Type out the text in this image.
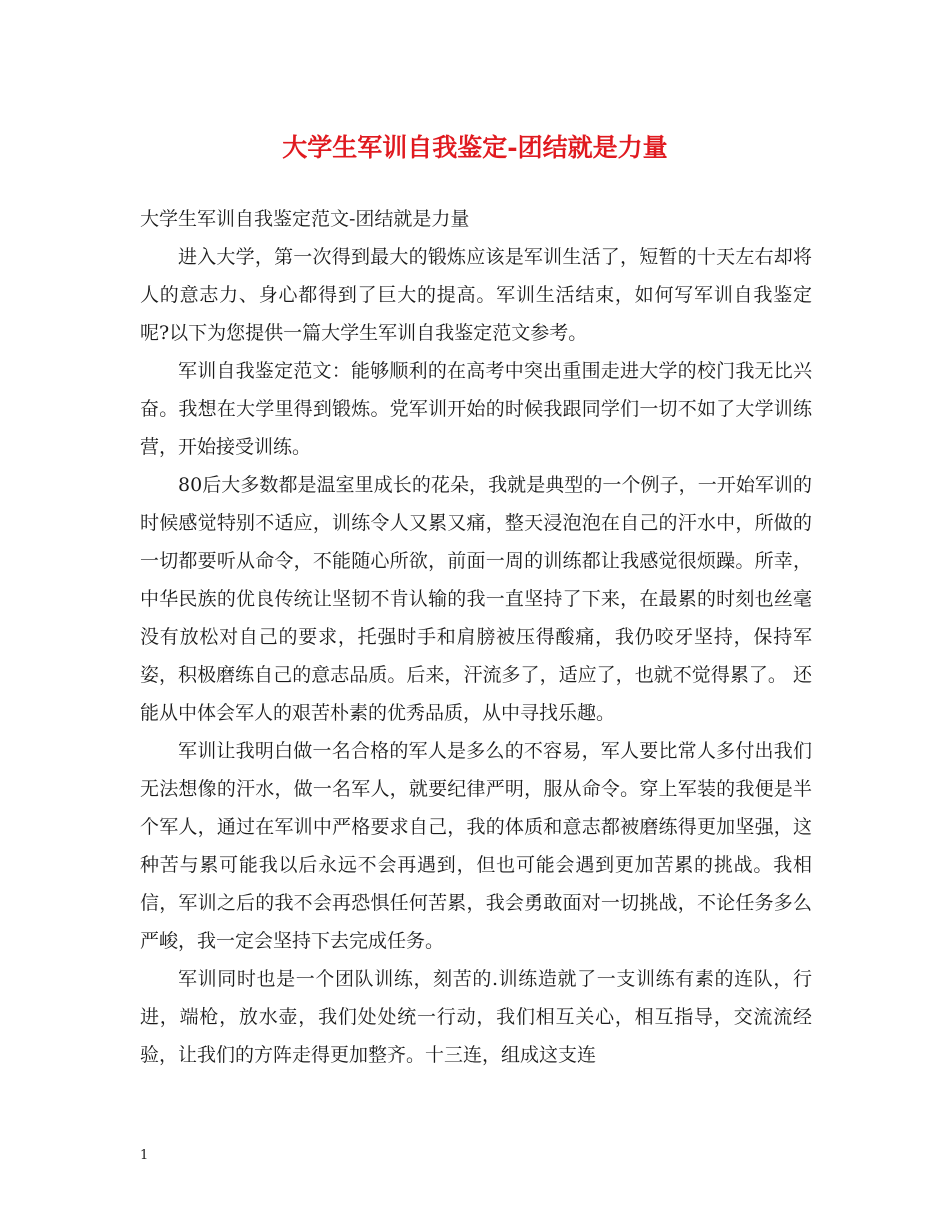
大学生军训自我鉴定-团结就是力量

大学生军训自我鉴定范文-团结就是力量

进入大学，第一次得到最大的锻炼应该是军训生活了，短暂的十天左右却将人的意志力、身心都得到了巨大的提高。军训生活结束，如何写军训自我鉴定呢?以下为您提供一篇大学生军训自我鉴定范文参考。

军训自我鉴定范文：能够顺利的在高考中突出重围走进大学的校门我无比兴奋。我想在大学里得到锻炼。党军训开始的时候我跟同学们一切不如了大学训练营，开始接受训练。

80后大多数都是温室里成长的花朵，我就是典型的一个例子，一开始军训的时候感觉特别不适应，训练令人又累又痛，整天浸泡泡在自己的汗水中，所做的一切都要听从命令，不能随心所欲，前面一周的训练都让我感觉很烦躁。所幸，中华民族的优良传统让坚韧不肯认输的我一直坚持了下来，在最累的时刻也丝毫没有放松对自己的要求，托强时手和肩膀被压得酸痛，我仍咬牙坚持，保持军姿，积极磨练自己的意志品质。后来，汗流多了，适应了，也就不觉得累了。 还能从中体会军人的艰苦朴素的优秀品质，从中寻找乐趣。

军训让我明白做一名合格的军人是多么的不容易，军人要比常人多付出我们无法想像的汗水，做一名军人，就要纪律严明，服从命令。穿上军装的我便是半个军人，通过在军训中严格要求自己，我的体质和意志都被磨练得更加坚强，这种苦与累可能我以后永远不会再遇到，但也可能会遇到更加苦累的挑战。我相信，军训之后的我不会再恐惧任何苦累，我会勇敢面对一切挑战，不论任务多么严峻，我一定会坚持下去完成任务。

军训同时也是一个团队训练，刻苦的.训练造就了一支训练有素的连队，行进，端枪，放水壶，我们处处统一行动，我们相互关心，相互指导，交流流经验，让我们的方阵走得更加整齐。十三连，组成这支连

1
